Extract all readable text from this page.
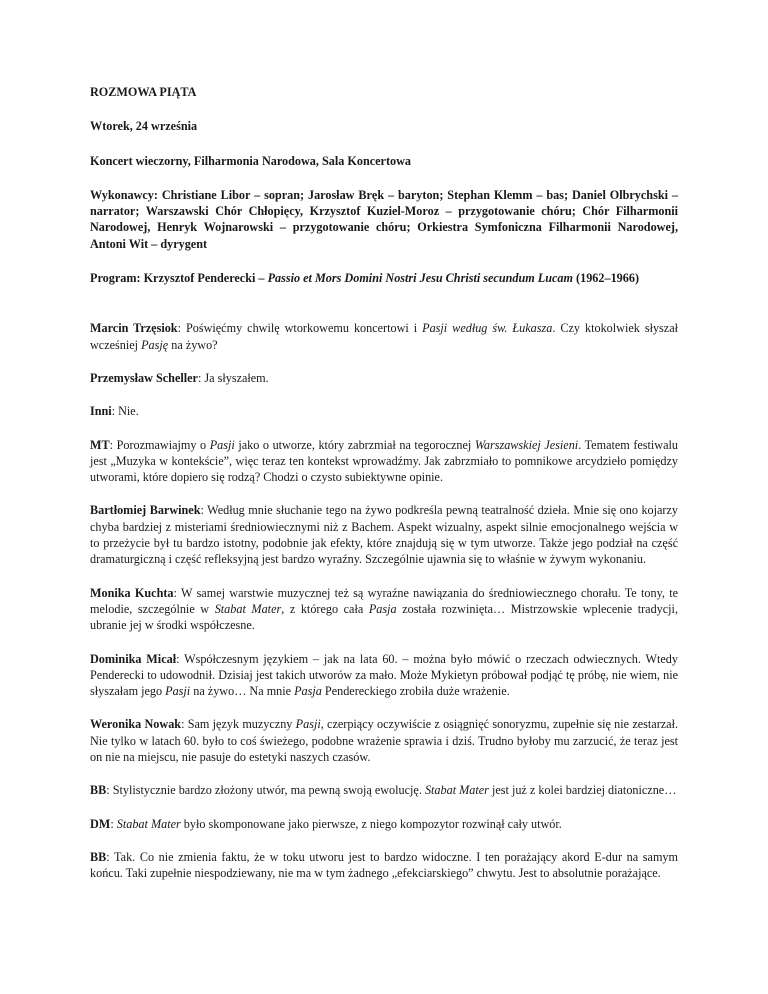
ROZMOWA PIĄTA

Wtorek, 24 września

Koncert wieczorny, Filharmonia Narodowa, Sala Koncertowa

Wykonawcy: Christiane Libor – sopran; Jarosław Bręk – baryton; Stephan Klemm – bas; Daniel Olbrychski – narrator; Warszawski Chór Chłopięcy, Krzysztof Kuziel-Moroz – przygotowanie chóru; Chór Filharmonii Narodowej, Henryk Wojnarowski – przygotowanie chóru; Orkiestra Symfoniczna Filharmonii Narodowej, Antoni Wit – dyrygent

Program: Krzysztof Penderecki – Passio et Mors Domini Nostri Jesu Christi secundum Lucam (1962–1966)

Marcin Trzęsiok: Poświęćmy chwilę wtorkowemu koncertowi i Pasji według św. Łukasza. Czy ktokolwiek słyszał wcześniej Pasję na żywo?

Przemysław Scheller: Ja słyszałem.

Inni: Nie.

MT: Porozmawiajmy o Pasji jako o utworze, który zabrzmiał na tegorocznej Warszawskiej Jesieni. Tematem festiwalu jest „Muzyka w kontekście”, więc teraz ten kontekst wprowadźmy. Jak zabrzmiało to pomnikowe arcydzieło pomiędzy utworami, które dopiero się rodzą? Chodzi o czysto subiektywne opinie.

Bartłomiej Barwinek: Według mnie słuchanie tego na żywo podkreśla pewną teatralność dzieła. Mnie się ono kojarzy chyba bardziej z misteriami średniowiecznymi niż z Bachem. Aspekt wizualny, aspekt silnie emocjonalnego wejścia w to przeżycie był tu bardzo istotny, podobnie jak efekty, które znajdują się w tym utworze. Także jego podział na część dramaturgiczną i część refleksyjną jest bardzo wyraźny. Szczególnie ujawnia się to właśnie w żywym wykonaniu.

Monika Kuchta: W samej warstwie muzycznej też są wyraźne nawiązania do średniowiecznego chorału. Te tony, te melodie, szczególnie w Stabat Mater, z którego cała Pasja została rozwinięta… Mistrzowskie wplecenie tradycji, ubranie jej w środki współczesne.

Dominika Micał: Współczesnym językiem – jak na lata 60. – można było mówić o rzeczach odwiecznych. Wtedy Penderecki to udowodnił. Dzisiaj jest takich utworów za mało. Może Mykietyn próbował podjąć tę próbę, nie wiem, nie słyszałam jego Pasji na żywo… Na mnie Pasja Pendereckiego zrobiła duże wrażenie.

Weronika Nowak: Sam język muzyczny Pasji, czerpiący oczywiście z osiągnięć sonoryzmu, zupełnie się nie zestarzał. Nie tylko w latach 60. było to coś świeżego, podobne wrażenie sprawia i dziś. Trudno byłoby mu zarzucić, że teraz jest on nie na miejscu, nie pasuje do estetyki naszych czasów.

BB: Stylistycznie bardzo złożony utwór, ma pewną swoją ewolucję. Stabat Mater jest już z kolei bardziej diatoniczne…

DM: Stabat Mater było skomponowane jako pierwsze, z niego kompozytor rozwinął cały utwór.

BB: Tak. Co nie zmienia faktu, że w toku utworu jest to bardzo widoczne. I ten porażający akord E-dur na samym końcu. Taki zupełnie niespodziewany, nie ma w tym żadnego „efekciarskiego” chwytu. Jest to absolutnie porażające.
